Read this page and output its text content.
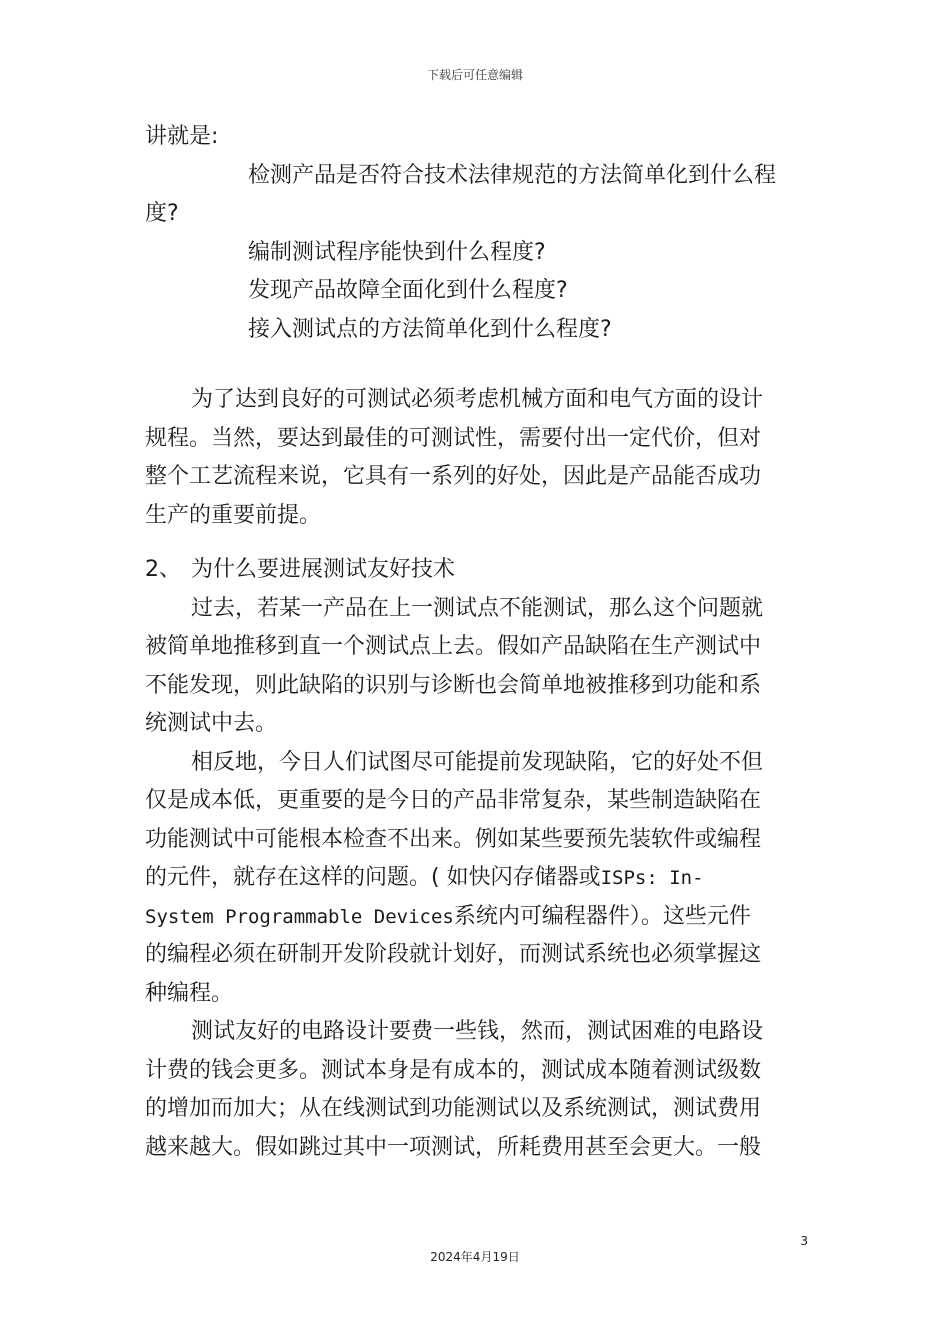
下载后可任意编辑
讲就是:
检测产品是否符合技术法律规范的方法简单化到什么程
度?
编制测试程序能快到什么程度?
发现产品故障全面化到什么程度?
接入测试点的方法简单化到什么程度?
为了达到良好的可测试必须考虑机械方面和电气方面的设计
规程。当然，要达到最佳的可测试性，需要付出一定代价，但对
整个工艺流程来说，它具有一系列的好处，因此是产品能否成功
生产的重要前提。
2、 为什么要进展测试友好技术
过去，若某一产品在上一测试点不能测试，那么这个问题就
被简单地推移到直一个测试点上去。假如产品缺陷在生产测试中
不能发现，则此缺陷的识别与诊断也会简单地被推移到功能和系
统测试中去。
相反地，今日人们试图尽可能提前发现缺陷，它的好处不但
仅是成本低，更重要的是今日的产品非常复杂，某些制造缺陷在
功能测试中可能根本检查不出来。例如某些要预先装软件或编程
的元件，就存在这样的问题。( 如快闪存储器或ISPs: In-
System Programmable Devices系统内可编程器件）。这些元件
的编程必须在研制开发阶段就计划好，而测试系统也必须掌握这
种编程。
测试友好的电路设计要费一些钱，然而，测试困难的电路设
计费的钱会更多。测试本身是有成本的，测试成本随着测试级数
的增加而加大；从在线测试到功能测试以及系统测试，测试费用
越来越大。假如跳过其中一项测试，所耗费用甚至会更大。一般
3
2024年4月19日
